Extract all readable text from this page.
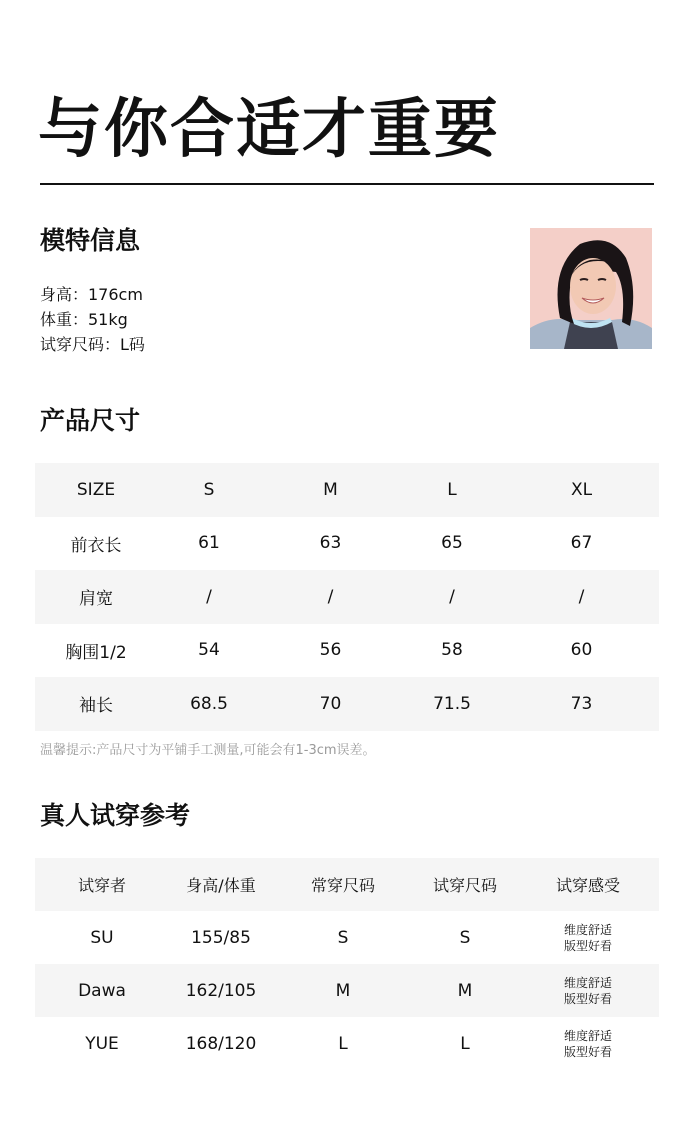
与你合适才重要
模特信息
身高：176cm
体重：51kg
试穿尺码：L码
产品尺寸
SIZE	S	M	L	XL
前衣长	61	63	65	67
肩宽	/	/	/	/
胸围1/2	54	56	58	60
袖长	68.5	70	71.5	73
温馨提示:产品尺寸为平铺手工测量,可能会有1-3cm误差。
真人试穿参考
试穿者	身高/体重	常穿尺码	试穿尺码	试穿感受
SU	155/85	S	S	维度舒适
版型好看
Dawa	162/105	M	M	维度舒适
版型好看
YUE	168/120	L	L	维度舒适
版型好看
